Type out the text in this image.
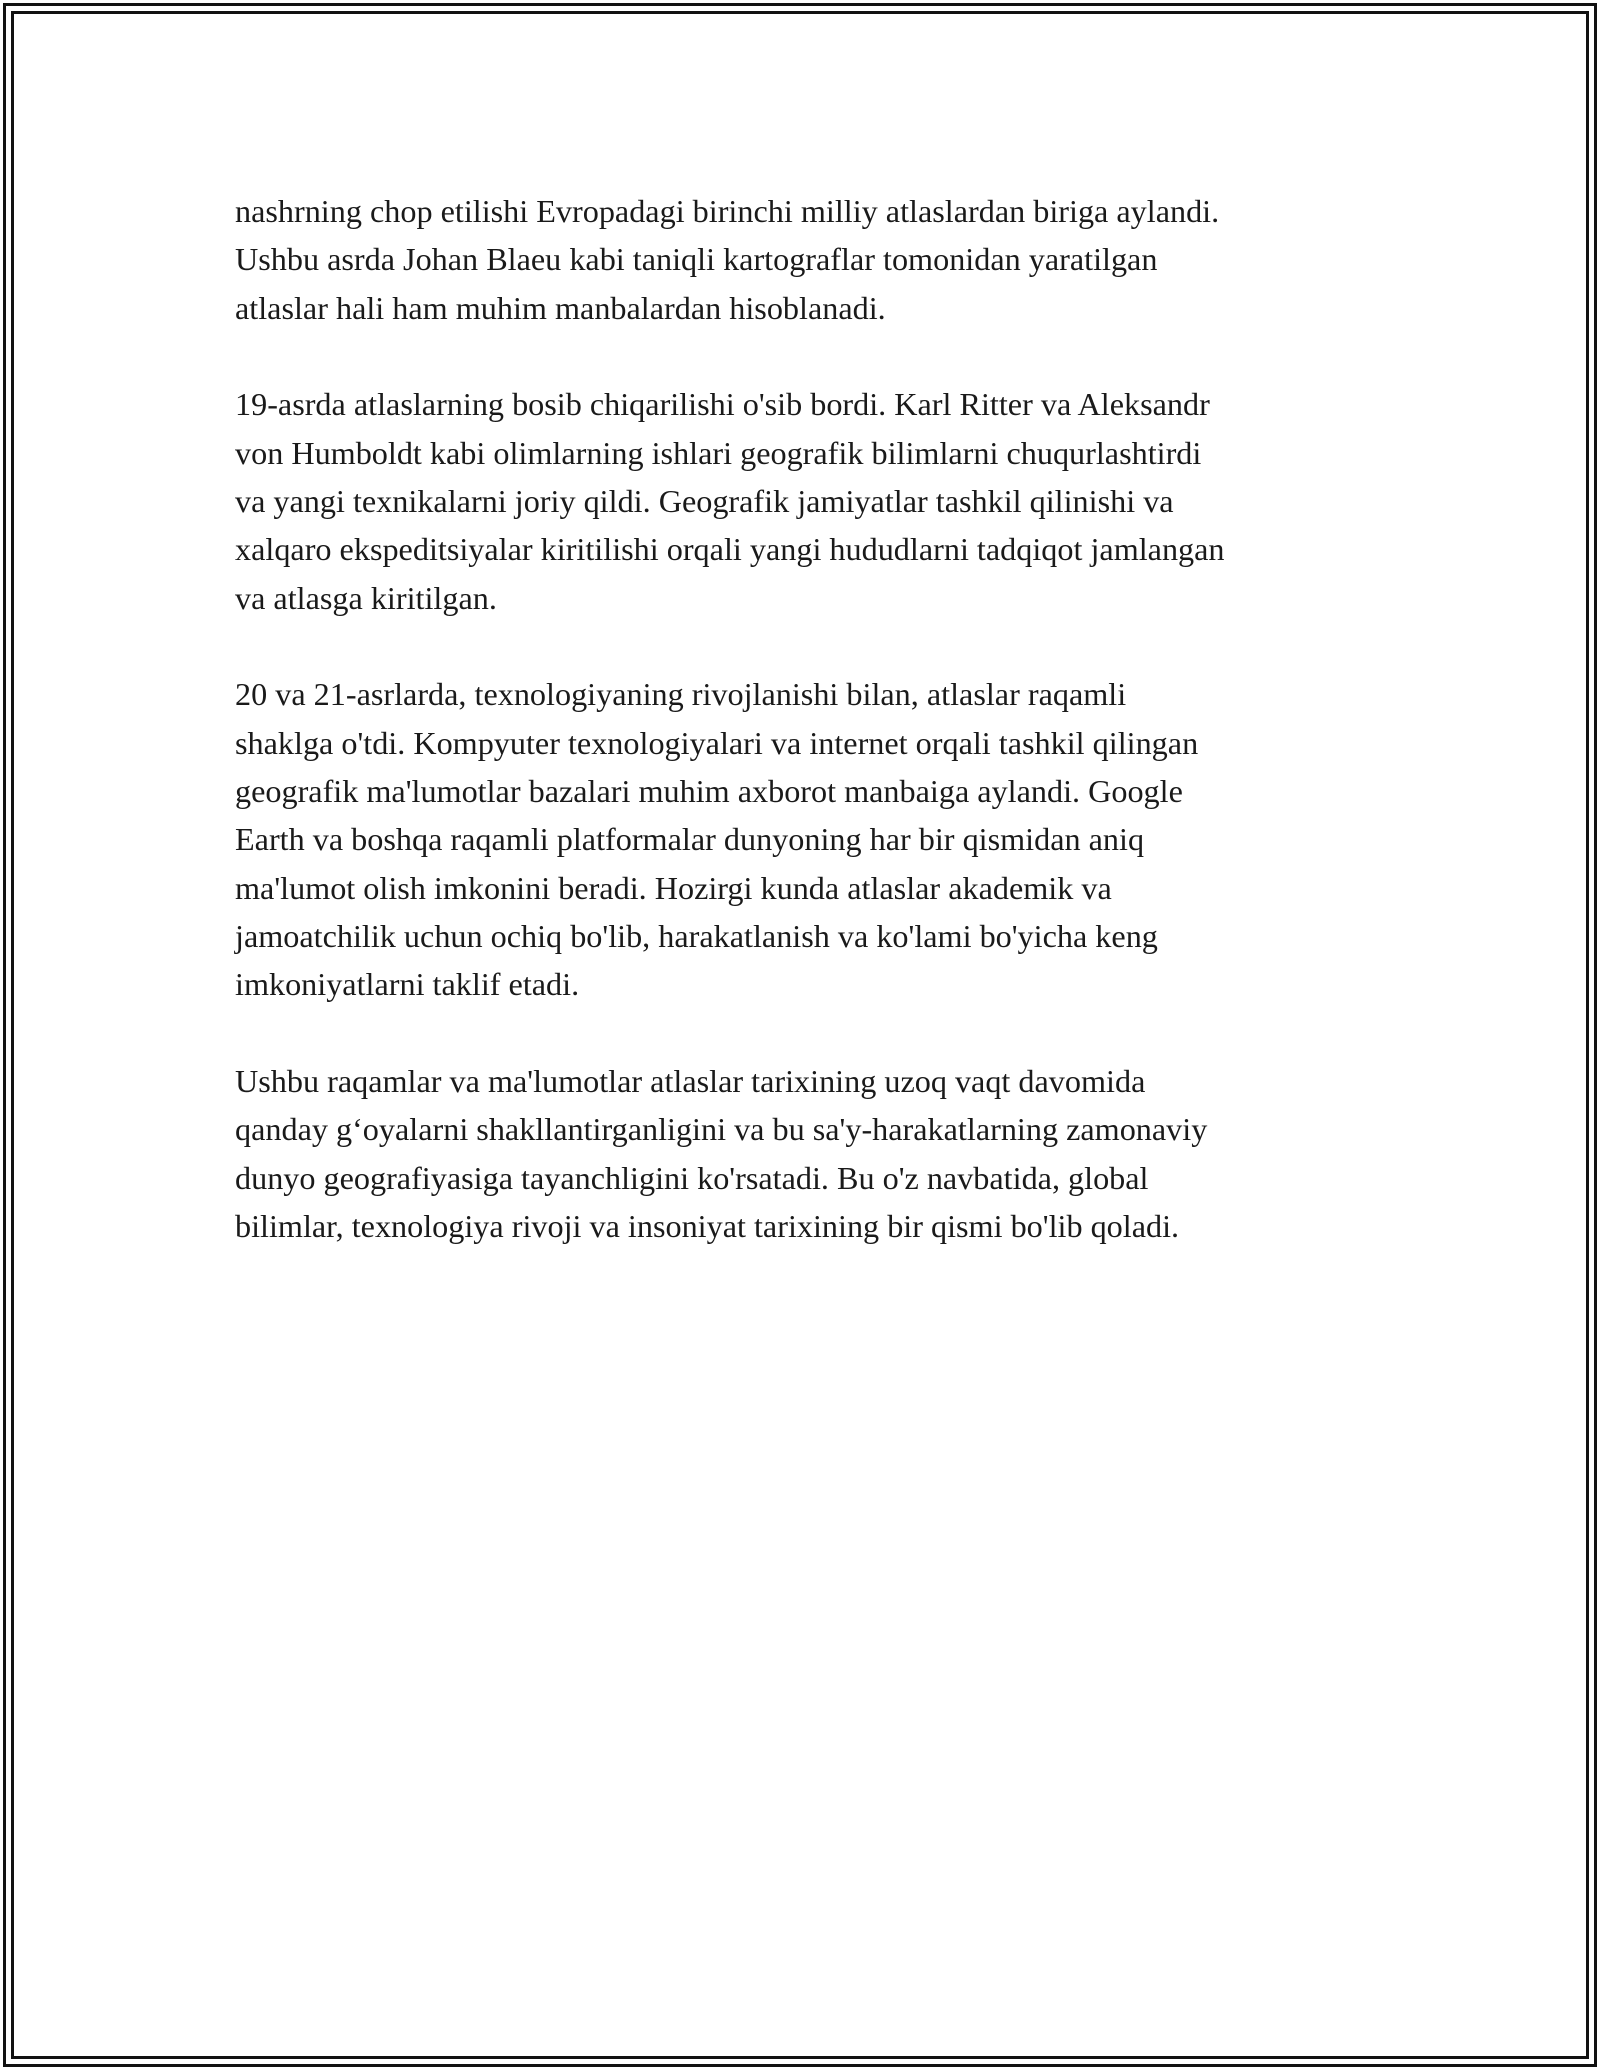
nashrning chop etilishi Evropadagi birinchi milliy atlaslardan biriga aylandi.
Ushbu asrda Johan Blaeu kabi taniqli kartograflar tomonidan yaratilgan
atlaslar hali ham muhim manbalardan hisoblanadi.
19-asrda atlaslarning bosib chiqarilishi o'sib bordi. Karl Ritter va Aleksandr
von Humboldt kabi olimlarning ishlari geografik bilimlarni chuqurlashtirdi
va yangi texnikalarni joriy qildi. Geografik jamiyatlar tashkil qilinishi va
xalqaro ekspeditsiyalar kiritilishi orqali yangi hududlarni tadqiqot jamlangan
va atlasga kiritilgan.
20 va 21-asrlarda, texnologiyaning rivojlanishi bilan, atlaslar raqamli
shaklga o'tdi. Kompyuter texnologiyalari va internet orqali tashkil qilingan
geografik ma'lumotlar bazalari muhim axborot manbaiga aylandi. Google
Earth va boshqa raqamli platformalar dunyoning har bir qismidan aniq
ma'lumot olish imkonini beradi. Hozirgi kunda atlaslar akademik va
jamoatchilik uchun ochiq bo'lib, harakatlanish va ko'lami bo'yicha keng
imkoniyatlarni taklif etadi.
Ushbu raqamlar va ma'lumotlar atlaslar tarixining uzoq vaqt davomida
qanday g‘oyalarni shakllantirganligini va bu sa'y-harakatlarning zamonaviy
dunyo geografiyasiga tayanchligini ko'rsatadi. Bu o'z navbatida, global
bilimlar, texnologiya rivoji va insoniyat tarixining bir qismi bo'lib qoladi.
